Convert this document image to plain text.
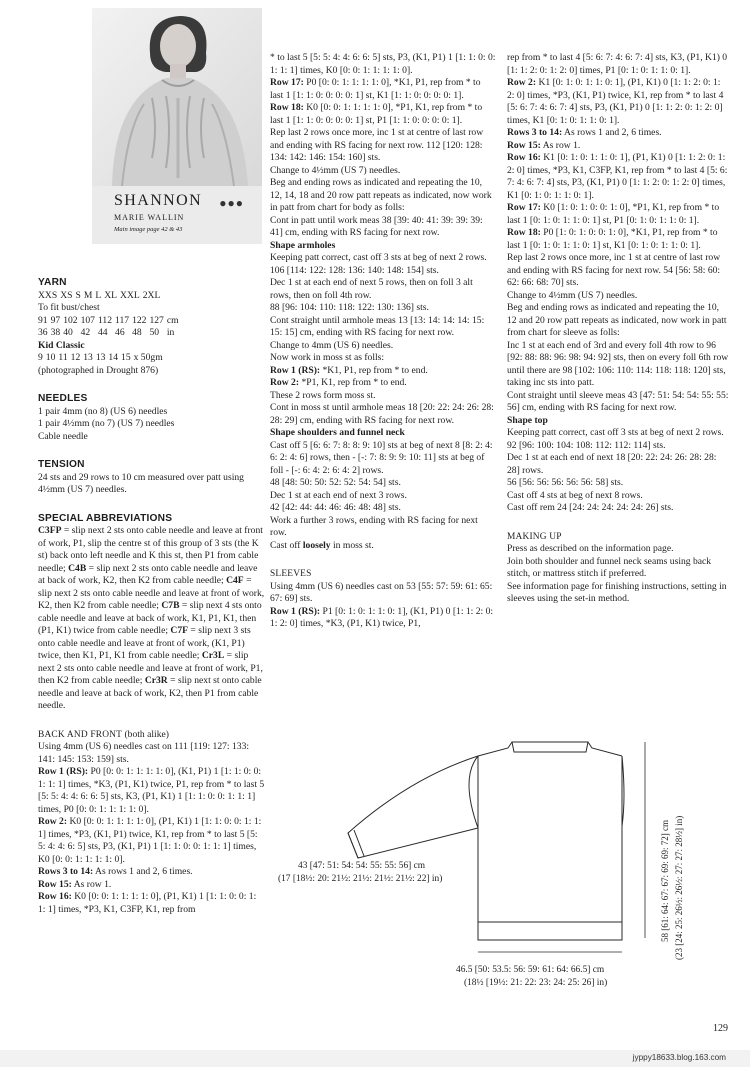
SHANNON
MARIE WALLIN
Main image page 42 & 43
●●●

YARN

XXS	XS	S	M	L	XL	XXL	2XL	

To fit bust/chest

91	97	102	107	112	117	122	127	cm
36	38	40	42	44	46	48	50	in

Kid Classic

9	10	11	12	13	13	14	15	x 50gm

(photographed in Drought 876)

NEEDLES

1 pair 4mm (no 8) (US 6) needles

1 pair 4½mm (no 7) (US 7) needles

Cable needle

TENSION

24 sts and 29 rows to 10 cm measured over patt using 4½mm (US 7) needles.

SPECIAL ABBREVIATIONS

C3FP = slip next 2 sts onto cable needle and leave at front of work, P1, slip the centre st of this group of 3 sts (the K st) back onto left needle and K this st, then P1 from cable needle; C4B = slip next 2 sts onto cable needle and leave at back of work, K2, then K2 from cable needle; C4F = slip next 2 sts onto cable needle and leave at front of work, K2, then K2 from cable needle; C7B = slip next 4 sts onto cable needle and leave at back of work, K1, P1, K1, then (P1, K1) twice from cable needle; C7F = slip next 3 sts onto cable needle and leave at front of work, (K1, P1) twice, then K1, P1, K1 from cable needle; Cr3L = slip next 2 sts onto cable needle and leave at front of work, P1, then K2 from cable needle; Cr3R = slip next st onto cable needle and leave at back of work, K2, then P1 from cable needle.

BACK AND FRONT (both alike)

Using 4mm (US 6) needles cast on 111 [119: 127: 133: 141: 145: 153: 159] sts.

Row 1 (RS): P0 [0: 0: 1: 1: 1: 1: 0], (K1, P1) 1 [1: 1: 0: 0: 1: 1: 1] times, *K3, (P1, K1) twice, P1, rep from * to last 5 [5: 5: 4: 4: 6: 6: 5] sts, K3, (P1, K1) 1 [1: 1: 0: 0: 1: 1: 1] times, P0 [0: 0: 1: 1: 1: 1: 0].

Row 2: K0 [0: 0: 1: 1: 1: 1: 0], (P1, K1) 1 [1: 1: 0: 0: 1: 1: 1] times, *P3, (K1, P1) twice, K1, rep from * to last 5 [5: 5: 4: 4: 6: 5] sts, P3, (K1, P1) 1 [1: 1: 0: 0: 1: 1: 1] times, K0 [0: 0: 1: 1: 1: 1: 0].

Rows 3 to 14: As rows 1 and 2, 6 times.

Row 15: As row 1.

Row 16: K0 [0: 0: 1: 1: 1: 1: 0], (P1, K1) 1 [1: 1: 0: 0: 1: 1: 1] times, *P3, K1, C3FP, K1, rep from

* to last 5 [5: 5: 4: 4: 6: 6: 5] sts, P3, (K1, P1) 1 [1: 1: 0: 0: 1: 1: 1] times, K0 [0: 0: 1: 1: 1: 1: 0].

Row 17: P0 [0: 0: 1: 1: 1: 1: 0], *K1, P1, rep from * to last 1 [1: 1: 0: 0: 0: 0: 1] st, K1 [1: 1: 0: 0: 0: 0: 1].

Row 18: K0 [0: 0: 1: 1: 1: 1: 0], *P1, K1, rep from * to last 1 [1: 1: 0: 0: 0: 0: 1] st, P1 [1: 1: 0: 0: 0: 0: 1].

Rep last 2 rows once more, inc 1 st at centre of last row and ending with RS facing for next row. 112 [120: 128: 134: 142: 146: 154: 160] sts.

Change to 4½mm (US 7) needles.

Beg and ending rows as indicated and repeating the 10, 12, 14, 18 and 20 row patt repeats as indicated, now work in patt from chart for body as folls:

Cont in patt until work meas 38 [39: 40: 41: 39: 39: 39: 41] cm, ending with RS facing for next row.

Shape armholes

Keeping patt correct, cast off 3 sts at beg of next 2 rows. 106 [114: 122: 128: 136: 140: 148: 154] sts.

Dec 1 st at each end of next 5 rows, then on foll 3 alt rows, then on foll 4th row.

88 [96: 104: 110: 118: 122: 130: 136] sts.

Cont straight until armhole meas 13 [13: 14: 14: 14: 15: 15: 15] cm, ending with RS facing for next row.

Change to 4mm (US 6) needles.

Now work in moss st as folls:

Row 1 (RS): *K1, P1, rep from * to end.

Row 2: *P1, K1, rep from * to end.

These 2 rows form moss st.

Cont in moss st until armhole meas 18 [20: 22: 24: 26: 28: 28: 29] cm, ending with RS facing for next row.

Shape shoulders and funnel neck

Cast off 5 [6: 6: 7: 8: 8: 9: 10] sts at beg of next 8 [8: 2: 4: 6: 2: 4: 6] rows, then - [-: 7: 8: 9: 9: 10: 11] sts at beg of foll - [-: 6: 4: 2: 6: 4: 2] rows.

48 [48: 50: 50: 52: 52: 54: 54] sts.

Dec 1 st at each end of next 3 rows.

42 [42: 44: 44: 46: 46: 48: 48] sts.

Work a further 3 rows, ending with RS facing for next row.

Cast off loosely in moss st.

SLEEVES

Using 4mm (US 6) needles cast on 53 [55: 57: 59: 61: 65: 67: 69] sts.

Row 1 (RS): P1 [0: 1: 0: 1: 1: 0: 1], (K1, P1) 0 [1: 1: 2: 0: 1: 2: 0] times, *K3, (P1, K1) twice, P1,

rep from * to last 4 [5: 6: 7: 4: 6: 7: 4] sts, K3, (P1, K1) 0 [1: 1: 2: 0: 1: 2: 0] times, P1 [0: 1: 0: 1: 1: 0: 1].

Row 2: K1 [0: 1: 0: 1: 1: 0: 1], (P1, K1) 0 [1: 1: 2: 0: 1: 2: 0] times, *P3, (K1, P1) twice, K1, rep from * to last 4 [5: 6: 7: 4: 6: 7: 4] sts, P3, (K1, P1) 0 [1: 1: 2: 0: 1: 2: 0] times, K1 [0: 1: 0: 1: 1: 0: 1].

Rows 3 to 14: As rows 1 and 2, 6 times.

Row 15: As row 1.

Row 16: K1 [0: 1: 0: 1: 1: 0: 1], (P1, K1) 0 [1: 1: 2: 0: 1: 2: 0] times, *P3, K1, C3FP, K1, rep from * to last 4 [5: 6: 7: 4: 6: 7: 4] sts, P3, (K1, P1) 0 [1: 1: 2: 0: 1: 2: 0] times, K1 [0: 1: 0: 1: 1: 0: 1].

Row 17: K0 [1: 0: 1: 0: 0: 1: 0], *P1, K1, rep from * to last 1 [0: 1: 0: 1: 1: 0: 1] st, P1 [0: 1: 0: 1: 1: 0: 1].

Row 18: P0 [1: 0: 1: 0: 0: 1: 0], *K1, P1, rep from * to last 1 [0: 1: 0: 1: 1: 0: 1] st, K1 [0: 1: 0: 1: 1: 0: 1].

Rep last 2 rows once more, inc 1 st at centre of last row and ending with RS facing for next row. 54 [56: 58: 60: 62: 66: 68: 70] sts.

Change to 4½mm (US 7) needles.

Beg and ending rows as indicated and repeating the 10, 12 and 20 row patt repeats as indicated, now work in patt from chart for sleeve as folls:

Inc 1 st at each end of 3rd and every foll 4th row to 96 [92: 88: 88: 96: 98: 94: 92] sts, then on every foll 6th row until there are 98 [102: 106: 110: 114: 118: 118: 120] sts, taking inc sts into patt.

Cont straight until sleeve meas 43 [47: 51: 54: 54: 55: 55: 56] cm, ending with RS facing for next row.

Shape top

Keeping patt correct, cast off 3 sts at beg of next 2 rows.

92 [96: 100: 104: 108: 112: 112: 114] sts.

Dec 1 st at each end of next 18 [20: 22: 24: 26: 28: 28: 28] rows.

56 [56: 56: 56: 56: 56: 58] sts.

Cast off 4 sts at beg of next 8 rows.

Cast off rem 24 [24: 24: 24: 24: 24: 26] sts.

MAKING UP

Press as described on the information page.

Join both shoulder and funnel neck seams using back stitch, or mattress stitch if preferred.

See information page for finishing instructions, setting in sleeves using the set-in method.

43 [47: 51: 54: 54: 55: 55: 56] cm
(17 [18½: 20: 21½: 21½: 21½: 21½: 22] in)
46.5 [50: 53.5: 56: 59: 61: 64: 66.5] cm
(18½ [19½: 21: 22: 23: 24: 25: 26] in)
58 [61: 64: 67: 67: 69: 69: 72] cm (23 [24: 25: 26½: 26½: 27: 27: 28½] in)
129
jyppy18633.blog.163.com
